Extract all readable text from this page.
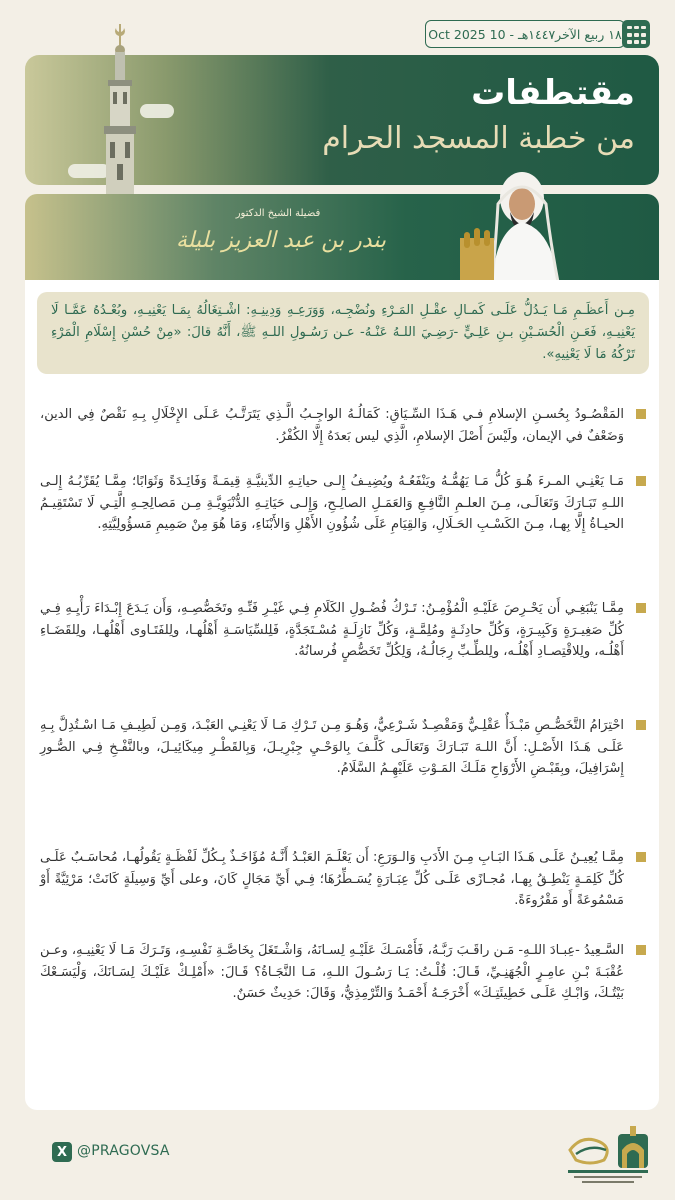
١٨ ربيع الآخر١٤٤٧هـ - 10 Oct 2025
مقتطفات
من خطبة المسجد الحرام
فضيلة الشيخ الدكتور
بندر بن عبد العزيز بليلة
مِـن أَعظَـمِ مَـا يَـدُلُّ عَلَـى كَمـالِ عقْـلِ المَـرْءِ ونُضْجِـه، وَوَرَعِـهِ وَدِينِـهِ: اشْـتِغَالُهُ بِمَـا يَعْنِيـهِ، وبُعْـدُهُ عَمَّـا لَا يَعْنِيـهِ، فَعَـنِ الْحُسَـيْنِ بـنِ عَلِـيٍّ -رَضِـيَ اللـهُ عَنْـهُ- عـن رَسُـولِ اللـهِ ﷺ، أَنَّهُ قالَ: «مِنْ حُسْنِ إِسْلَامِ الْمَرْءِ تَرْكُهُ مَا لَا يَعْنِيهِ».
المَقْصُـودُ بِحُسـنِ الإسلامِ فـي هَـذَا السِّـيَاقِ: كَمَالُـهُ الواجِـبُ الَّـذِي يَتَرَتَّـبُ عَـلَى الإِخْلَالِ بِـهِ نَقْصٌ فِي الدين، وَضَعْفٌ في الإيمان، ولَيْسَ أَصْلَ الإسلامِ، الَّذِي ليس بَعدَهُ إِلَّا الكُفْرُ.
مَـا يَعْنِـي المـرءَ هُـوَ كُلُّ مَـا يَهُمُّـهُ ويَنْفَعُـهُ ويُضِيـفُ إِلـى حياتِـهِ الدِّينيَّـةِ قِيمَـةً وَفَائِـدَةً وَثَوَابًا؛ مِمَّـا يُقَرِّبُـهُ إِلـى اللـهِ تَبَـارَكَ وَتَعَالَـى، مِـنَ العلـمِ النَّافِـعِ وَالعَمَـلِ الصالِـحِ، وَإِلـى حَيَاتِـهِ الدُّنْيَوِيَّـةِ مِـن مَصالِحِـهِ الَّتِـي لَا تَسْتَقِيـمُ الحيـاةُ إِلَّا بِهـا، مِـنَ الكَسْـبِ الحَـلَالِ، وَالقِيَامِ عَلَى شُؤُونِ الأَهْلِ وَالأَبْنَاءِ، وَمَا هُوَ مِنْ صَمِيمِ مَسؤُولِيَّتِهِ.
مِمَّـا يَنْبَغِـي أَن يَحْـرِصَ عَلَيْـهِ الْمُؤْمِـنُ: تَـرْكُ فُضُـولِ الكَلَامِ فِـي غَيْـرِ فَنِّـهِ وتَخَصُّصِـهِ، وَأَن يَـدَعَ إِبْـدَاءَ رَأْيِـهِ فِـي كُلِّ صَغِيـرَةٍ وَكَبِيـرَةٍ، وَكُلِّ حادِثَـةٍ ومُلِمَّـةٍ، وَكُلِّ نَازِلَـةٍ مُسْـتَجَدَّةٍ، فَلِلسِّيَاسَـةِ أَهْلُهـا، ولِلفَتَـاوى أَهْلُهـا، ولِلقَضَـاءِ أَهْلُـه، ولِلاقْتِصـادِ أَهْلُـه، ولِلطِّـبِّ رِجَالُـهُ، وَلِكُلِّ تَخَصُّصٍ فُرسانُهُ.
احْتِرَامُ التَّخَصُّـصِ مَبْـدَأٌ عَقْلِـيٌّ وَمَقْصِـدٌ شَـرْعِيٌّ، وَهُـوَ مِـن تَـرْكِ مَـا لَا يَعْنِـي العَبْـدَ، وَمِـن لَطِيـفِ مَـا اسْـتُدِلَّ بِـهِ عَلَـى هَـذَا الأَصْـلِ: أَنَّ اللـهَ تَبَـارَكَ وَتَعَالَـى كَلَّـفَ بِالوَحْـيِ جِبْرِيـلَ، وَبِالقَطْـرِ مِيكَائِيـلَ، وبالنَّفْـخِ فِـي الصُّـورِ إِسْرَافِيلَ، وبِقَبْـضِ الأَرْوَاحِ مَلَـكَ المَـوْتِ عَلَيْهِـمُ السَّلَامُ.
مِمَّـا يُعِيـنُ عَلَـى هَـذَا البَـابِ مِـنَ الأَدَبِ وَالـوَرَعِ: أَن يَعْلَـمَ العَبْـدُ أَنَّـهُ مُؤَاخَـذٌ بِـكُلِّ لَفْظَـةٍ يَقُولُهـا، مُحاسَـبٌ عَلَـى كُلِّ كَلِمَـةٍ يَنْطِـقُ بِهـا، مُجـازًى عَلَـى كُلِّ عِبَـارَةٍ يُسَـطِّرُهَا؛ فِـي أَيِّ مَجَالٍ كَانَ، وعلى أَيِّ وَسِيلَةٍ كَانَتْ؛ مَرْئِيَّةً أَوْ مَسْمُوعَةً أَو مَقْرُوءَةً.
السَّـعِيدُ -عِبـادَ اللـهِ- مَـن راقَـبَ رَبَّـهُ، فَأَمْسَـكَ عَلَيْـهِ لِسـانَهُ، وَاشْـتَغَلَ بِخَاصَّـةِ نَفْسِـهِ، وَتَـرَكَ مَـا لَا يَعْنِيـهِ، وعـن عُقْبَـةَ بْـنِ عامِـرٍ الْجُهَنِـيِّ، قَـالَ: قُلْـتُ: يَـا رَسُـولَ اللـهِ، مَـا النَّجَـاةُ؟ قَـالَ: «أَمْلِـكْ عَلَيْـكَ لِسَـانَكَ، وَلْيَسَـعْكَ بَيْتُـكَ، وَابْـكِ عَلَـى خَطِيئَتِـكَ» أَخْرَجَـهُ أَحْمَـدُ وَالتِّرْمِذِيُّ، وَقَالَ: حَدِيثٌ حَسَنٌ.
X @PRAGOVSA
